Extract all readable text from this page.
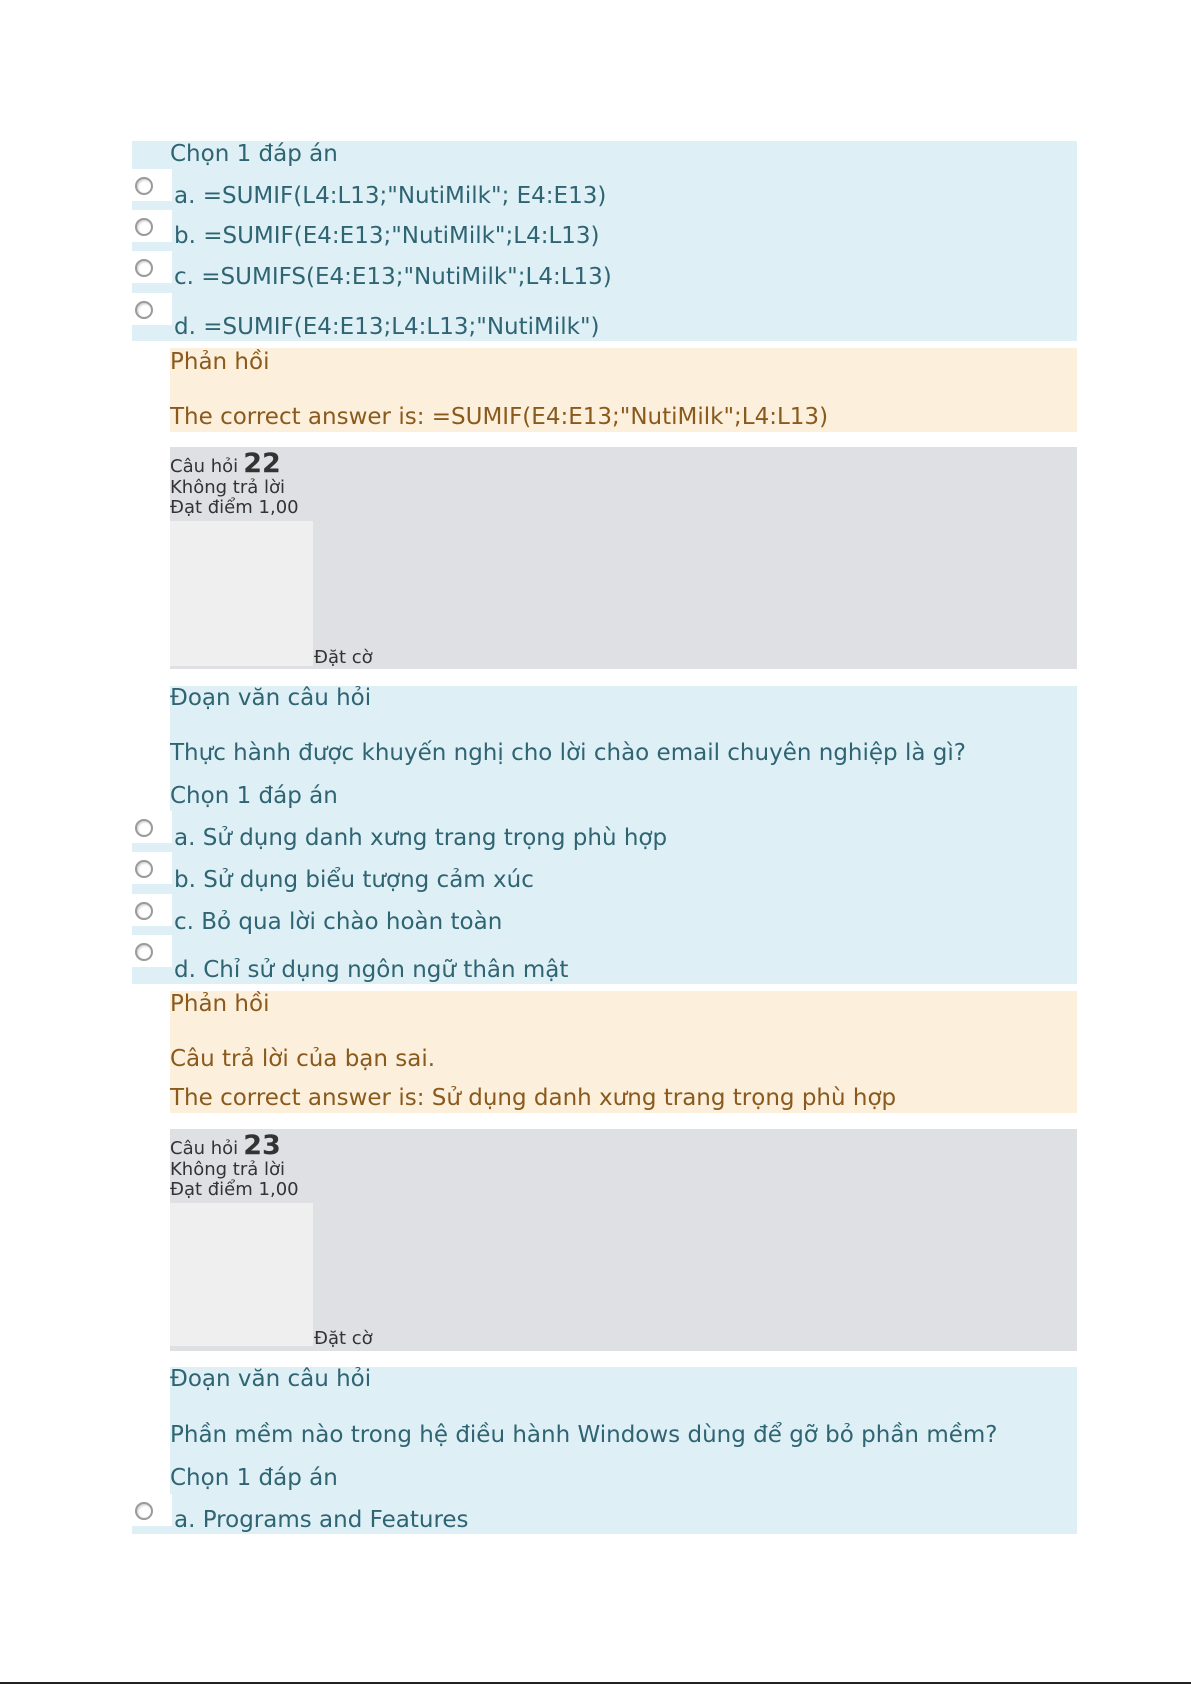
Chọn 1 đáp án
a. =SUMIF(L4:L13;"NutiMilk"; E4:E13)
b. =SUMIF(E4:E13;"NutiMilk";L4:L13)
c. =SUMIFS(E4:E13;"NutiMilk";L4:L13)
d. =SUMIF(E4:E13;L4:L13;"NutiMilk")
Phản hồi
The correct answer is: =SUMIF(E4:E13;"NutiMilk";L4:L13)
Câu hỏi 22
Không trả lời
Đạt điểm 1,00
Đặt cờ
Đoạn văn câu hỏi
Thực hành được khuyến nghị cho lời chào email chuyên nghiệp là gì?
Chọn 1 đáp án
a. Sử dụng danh xưng trang trọng phù hợp
b. Sử dụng biểu tượng cảm xúc
c. Bỏ qua lời chào hoàn toàn
d. Chỉ sử dụng ngôn ngữ thân mật
Phản hồi
Câu trả lời của bạn sai.
The correct answer is: Sử dụng danh xưng trang trọng phù hợp
Câu hỏi 23
Không trả lời
Đạt điểm 1,00
Đặt cờ
Đoạn văn câu hỏi
Phần mềm nào trong hệ điều hành Windows dùng để gỡ bỏ phần mềm?
Chọn 1 đáp án
a. Programs and Features
